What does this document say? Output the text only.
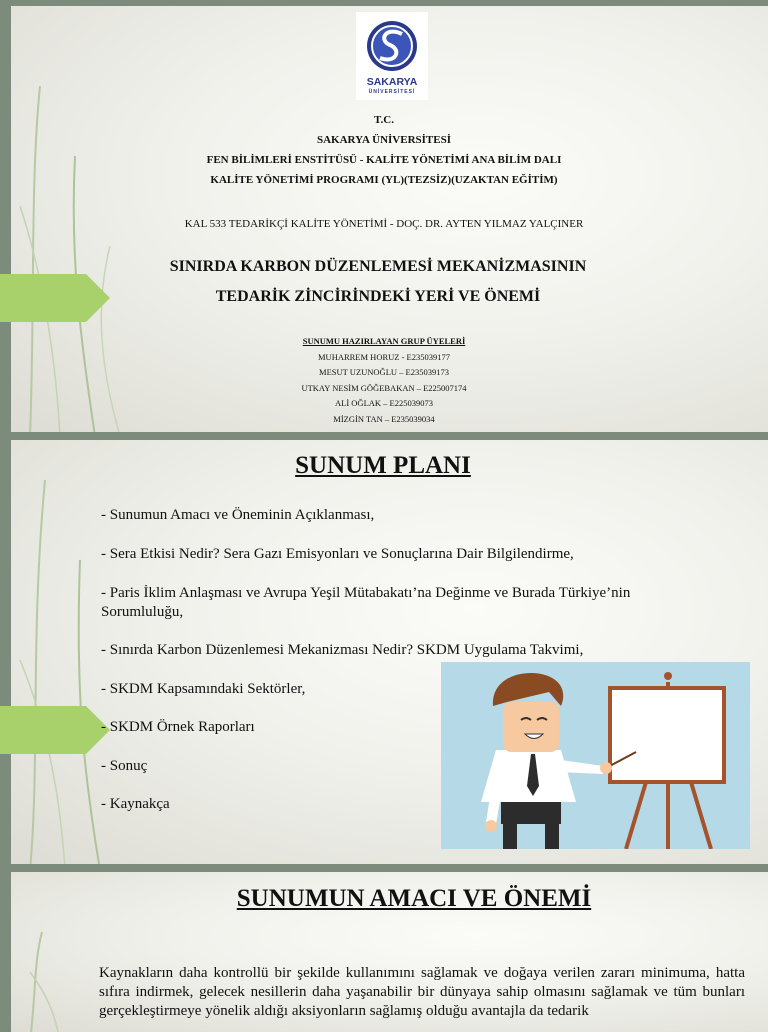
SAKARYA
ÜNİVERSİTESİ
T.C.
SAKARYA ÜNİVERSİTESİ
FEN BİLİMLERİ ENSTİTÜSÜ - KALİTE YÖNETİMİ ANA BİLİM DALI
KALİTE YÖNETİMİ PROGRAMI (YL)(TEZSİZ)(UZAKTAN EĞİTİM)
KAL 533 TEDARİKÇİ KALİTE YÖNETİMİ - DOÇ. DR. AYTEN YILMAZ YALÇINER
SINIRDA KARBON DÜZENLEMESİ MEKANİZMASININ
TEDARİK ZİNCİRİNDEKİ YERİ VE ÖNEMİ
SUNUMU HAZIRLAYAN GRUP ÜYELERİ
MUHARREM HORUZ - E235039177
MESUT UZUNOĞLU – E235039173
UTKAY NESİM GÖĞEBAKAN – E225007174
ALİ OĞLAK – E225039073
MİZGİN TAN – E235039034
SUNUM PLANI
- Sunumun Amacı ve Öneminin Açıklanması,
- Sera Etkisi Nedir? Sera Gazı Emisyonları ve Sonuçlarına Dair Bilgilendirme,
- Paris İklim Anlaşması ve Avrupa Yeşil Mütabakatı’na Değinme ve Burada Türkiye’nin Sorumluluğu,
- Sınırda Karbon Düzenlemesi Mekanizması Nedir? SKDM Uygulama Takvimi,
- SKDM Kapsamındaki Sektörler,
- SKDM Örnek Raporları
- Sonuç
- Kaynakça
SUNUMUN AMACI VE ÖNEMİ
Kaynakların daha kontrollü bir şekilde kullanımını sağlamak ve doğaya verilen zararı minimuma, hatta sıfıra indirmek, gelecek nesillerin daha yaşanabilir bir dünyaya sahip olmasını sağlamak ve tüm bunları gerçekleştirmeye yönelik aldığı aksiyonların sağlamış olduğu avantajla da tedarik
